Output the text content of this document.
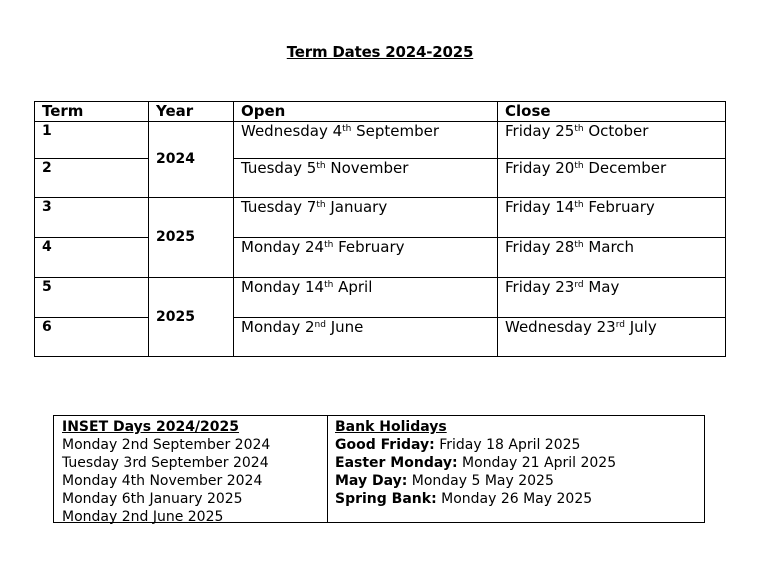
Term Dates 2024-2025
Term	Year	Open	Close
1	2024	Wednesday 4th September	Friday 25th October
2		Tuesday 5th November	Friday 20th December
3	2025	Tuesday 7th January	Friday 14th February
4		Monday 24th February	Friday 28th March
5	2025	Monday 14th April	Friday 23rd May
6		Monday 2nd June	Wednesday 23rd July
INSET Days 2024/2025
Monday 2nd September 2024
Tuesday 3rd September 2024
Monday 4th November 2024
Monday 6th January 2025
Monday 2nd June 2025
Bank Holidays
Good Friday: Friday 18 April 2025
Easter Monday: Monday 21 April 2025
May Day: Monday 5 May 2025
Spring Bank: Monday 26 May 2025
